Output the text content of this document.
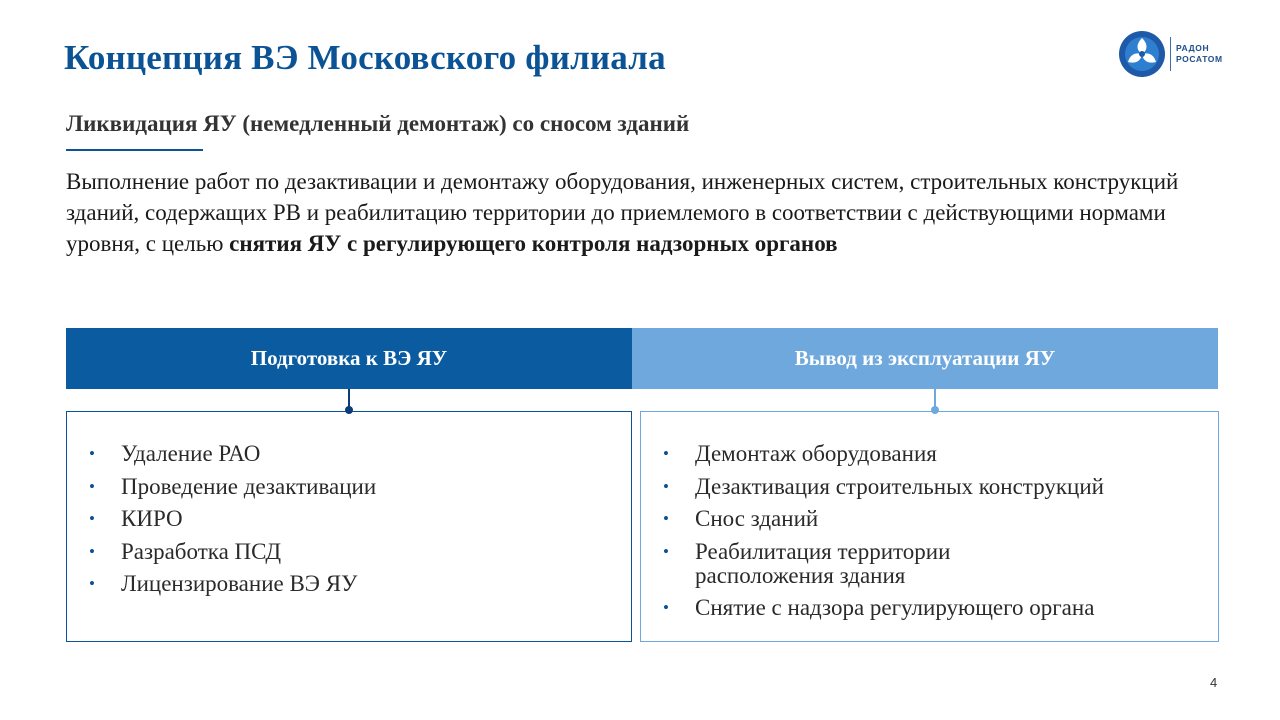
Концепция ВЭ Московского филиала	РАДОН
РОСАТОМ
Ликвидация ЯУ (немедленный демонтаж) со сносом зданий
Выполнение работ по дезактивации и демонтажу оборудования, инженерных систем, строительных конструкций зданий, содержащих РВ и реабилитацию территории до приемлемого в соответствии с действующими нормами уровня, с целью снятия ЯУ с регулирующего контроля надзорных органов
Подготовка к ВЭ ЯУ	Вывод из эксплуатации ЯУ
• Удаление РАО
• Проведение дезактивации
• КИРО
• Разработка ПСД
• Лицензирование ВЭ ЯУ
• Демонтаж оборудования
• Дезактивация строительных конструкций
• Снос зданий
• Реабилитация территории расположения здания
• Снятие с надзора регулирующего органа
4
